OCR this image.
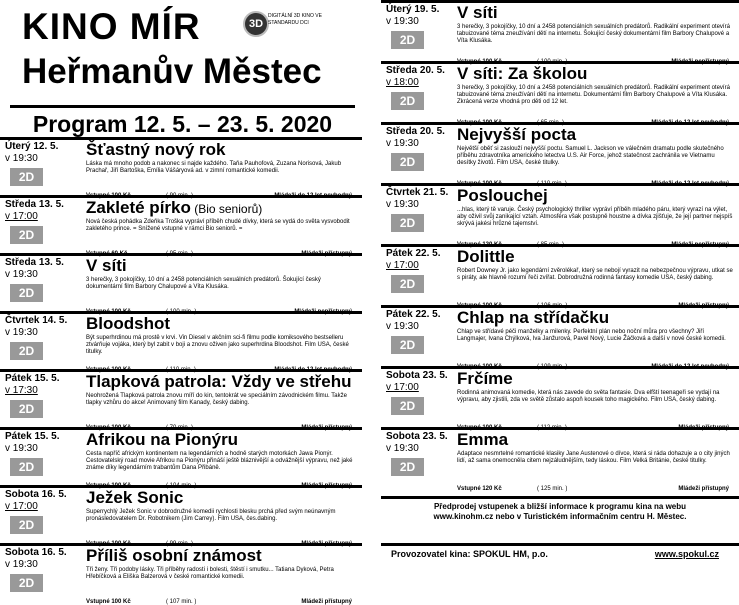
KINO MÍR
Heřmanův Městec
3D
DIGITÁLNÍ 3D KINO VE STANDARDU DCI
Program 12. 5. – 23. 5. 2020
Úterý 12. 5.
v 19:30
2D
Šťastný nový rok
Láska má mnoho podob a nakonec si najde každého. Taňa Pauhofová, Zuzana Norisová, Jakub Prachař, Jiří Bartoška, Emília Vášáryová ad. v zimní romantické komedii.
Vstupné 100 Kč	( 90 min. )	Mládeži do 12 let nevhodný
Středa 13. 5.
v 17:00
2D
Zakleté pírko (Bio seniorů)
Nová česká pohádka Zdeňka Troška vypráví příběh chudé dívky, která se vydá do světa vysvobodit zakletého prince. = Snížené vstupné v rámci Bio seniorů. =
Vstupné 60 Kč	( 95 min. )	Mládeži přístupný
Středa 13. 5.
v 19:30
2D
V síti
3 herečky, 3 pokojíčky, 10 dní a 2458 potenciálních sexuálních predátorů. Šokující český dokumentární film Barbory Chalupové a Víta Klusáka.
Vstupné 100 Kč	( 100 min. )	Mládeži nepřístupný
Čtvrtek 14. 5.
v 19:30
2D
Bloodshot
Být superhrdinou má prostě v krvi. Vin Diesel v akčním sci-fi filmu podle komiksového bestselleru ztvárňuje vojáka, který byl zabit v boji a znovu oživen jako superhrdina Bloodshot. Film USA, české titulky.
Vstupné 100 Kč	( 110 min. )	Mládeži do 12 let nevhodný
Pátek 15. 5.
v 17:30
2D
Tlapková patrola: Vždy ve střehu
Neohrožená Tlapková patrola znovu míří do kin, tentokrát ve speciálním závodnickém filmu. Takže tlapky vzhůru do akce! Animovaný film Kanady, český dabing.
Vstupné 100 Kč	( 70 min. )	Mládeži přístupný
Pátek 15. 5.
v 19:30
2D
Afrikou na Pionýru
Cesta napříč africkým kontinentem na legendárních a hodně starých motorkách Jawa Pionýr. Cestovatelský road movie Afrikou na Pionýru přináší ještě bláznivější a odvážnější výpravu, než jaké známe díky legendárním trabantům Dana Přibáně.
Vstupné 100 Kč	( 104 min. )	Mládeži přístupný
Sobota 16. 5.
v 17:00
2D
Ježek Sonic
Superrychlý Ježek Sonic v dobrodružné komedii rychlosti blesku prchá před svým neúnavným pronásledovatelem Dr. Robotnikem (Jim Carrey). Film USA, čes.dabing.
Vstupné 100 Kč	( 99 min. )	Mládeži přístupný
Sobota 16. 5.
v 19:30
2D
Příliš osobní známost
Tři ženy. Tři podoby lásky. Tři příběhy radosti i bolesti, štěstí i smutku... Tatiana Dyková, Petra Hřebíčková a Eliška Balzerová v české romantické komedii.
Vstupné 100 Kč	( 107 min. )	Mládeži přístupný
Úterý 19. 5.
v 19:30
2D
V síti
3 herečky, 3 pokojíčky, 10 dní a 2458 potenciálních sexuálních predátorů. Radikální experiment otevírá tabuizované téma zneužívání dětí na internetu. Šokující český dokumentární film Barbory Chalupové a Víta Klusáka.
Vstupné 100 Kč	( 100 min. )	Mládeži nepřístupný
Středa 20. 5.
v 18:00
2D
V síti: Za školou
3 herečky, 3 pokojíčky, 10 dní a 2458 potenciálních sexuálních predátorů. Radikální experiment otevírá tabuizované téma zneužívání dětí na internetu. Dokumentární film Barbory Chalupové a Víta Klusáka. Zkrácená verze vhodná pro děti od 12 let.
Vstupné 100 Kč	( 65 min. )	Mládeži do 12 let nevhodný
Středa 20. 5.
v 19:30
2D
Nejvyšší pocta
Největší oběť si zaslouží nejvyšší poctu. Samuel L. Jackson ve válečném dramatu podle skutečného příběhu zdravotníka amerického letectva U.S. Air Force, jehož statečnost zachránila ve Vietnamu desítky životů. Film USA, české titulky.
Vstupné 100 Kč	( 110 min. )	Mládeži do 12 let nevhodný
Čtvrtek 21. 5.
v 19:30
2D
Poslouchej
...hlas, který tě varuje. Český psychologický thriller vypráví příběh mladého páru, který vyrazí na výlet, aby oživil svůj zanikající vztah. Atmosféra však postupně houstne a dívka zjišťuje, že její partner nejspíš skrývá jakési hrůzné tajemství.
Vstupné 120 Kč	( 85 min. )	Mládeži nepřístupný
Pátek 22. 5.
v 17:00
2D
Dolittle
Robert Downey Jr. jako legendární zvěrolékař, který se nebojí vyrazit na nebezpečnou výpravu, utkat se s piráty, ale hlavně rozumí řeči zvířat. Dobrodružná rodinná fantasy komedie USA, český dabing.
Vstupné 100 Kč	( 106 min. )	Mládeži přístupný
Pátek 22. 5.
v 19:30
2D
Chlap na střídačku
Chlap ve střídavé péči manželky a milenky. Perfektní plán nebo noční můra pro všechny? Jiří Langmajer, Ivana Chýlková, Iva Janžurová, Pavel Nový, Lucie Žáčková a další v nové české komedii.
Vstupné 100 Kč	( 109 min. )	Mládeži do 12 let nevhodný
Sobota 23. 5.
v 17:00
2D
Frčíme
Rodinná animovaná komedie, která nás zavede do světa fantasie. Dva elfští teenageři se vydají na výpravu, aby zjistili, zda ve světě zůstalo aspoň kousek toho magického. Film USA, český dabing.
Vstupné 100 Kč	( 112 min. )	Mládeži přístupný
Sobota 23. 5.
v 19:30
2D
Emma
Adaptace nesmrtelné romantické klasiky Jane Austenové o dívce, která si ráda dohazuje a o city jiných lidí, až sama onemocněla citem nejzáludnějším, tedy láskou. Film Velká Británie, české titulky.
Vstupné 120 Kč	( 125 min. )	Mládeži přístupný
Předprodej vstupenek a bližší informace k programu kina na webu
www.kinohm.cz nebo v Turistickém informačním centru H. Městec.
Provozovatel kina: SPOKUL HM, p.o.	www.spokul.cz
